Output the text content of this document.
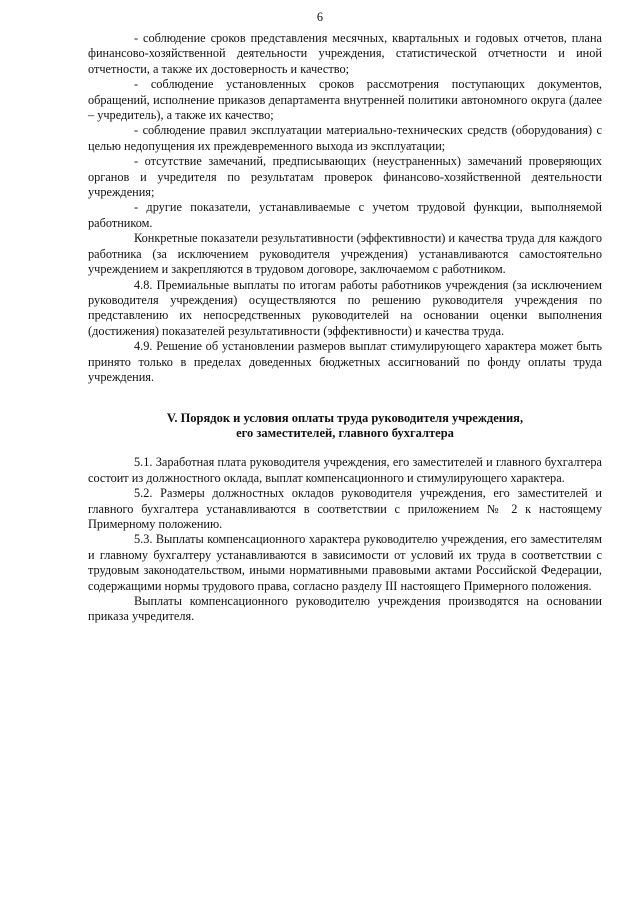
6

- соблюдение сроков представления месячных, квартальных и годовых отчетов, плана финансово-хозяйственной деятельности учреждения, статистической отчетности и иной отчетности, а также их достоверность и качество;

- соблюдение установленных сроков рассмотрения поступающих документов, обращений, исполнение приказов департамента внутренней политики автономного округа (далее – учредитель), а также их качество;

- соблюдение правил эксплуатации материально-технических средств (оборудования) с целью недопущения их преждевременного выхода из эксплуатации;

- отсутствие замечаний, предписывающих (неустраненных) замечаний проверяющих органов и учредителя по результатам проверок финансово-хозяйственной деятельности учреждения;

- другие показатели, устанавливаемые с учетом трудовой функции, выполняемой работником.

Конкретные показатели результативности (эффективности) и качества труда для каждого работника (за исключением руководителя учреждения) устанавливаются самостоятельно учреждением и закрепляются в трудовом договоре, заключаемом с работником.

4.8. Премиальные выплаты по итогам работы работников учреждения (за исключением руководителя учреждения) осуществляются по решению руководителя учреждения по представлению их непосредственных руководителей на основании оценки выполнения (достижения) показателей результативности (эффективности) и качества труда.

4.9. Решение об установлении размеров выплат стимулирующего характера может быть принято только в пределах доведенных бюджетных ассигнований по фонду оплаты труда учреждения.

V. Порядок и условия оплаты труда руководителя учреждения,
его заместителей, главного бухгалтера

5.1. Заработная плата руководителя учреждения, его заместителей и главного бухгалтера состоит из должностного оклада, выплат компенсационного и стимулирующего характера.

5.2. Размеры должностных окладов руководителя учреждения, его заместителей и главного бухгалтера устанавливаются в соответствии с приложением № 2 к настоящему Примерному положению.

5.3. Выплаты компенсационного характера руководителю учреждения, его заместителям и главному бухгалтеру устанавливаются в зависимости от условий их труда в соответствии с трудовым законодательством, иными нормативными правовыми актами Российской Федерации, содержащими нормы трудового права, согласно разделу III настоящего Примерного положения.

Выплаты компенсационного руководителю учреждения производятся на основании приказа учредителя.
